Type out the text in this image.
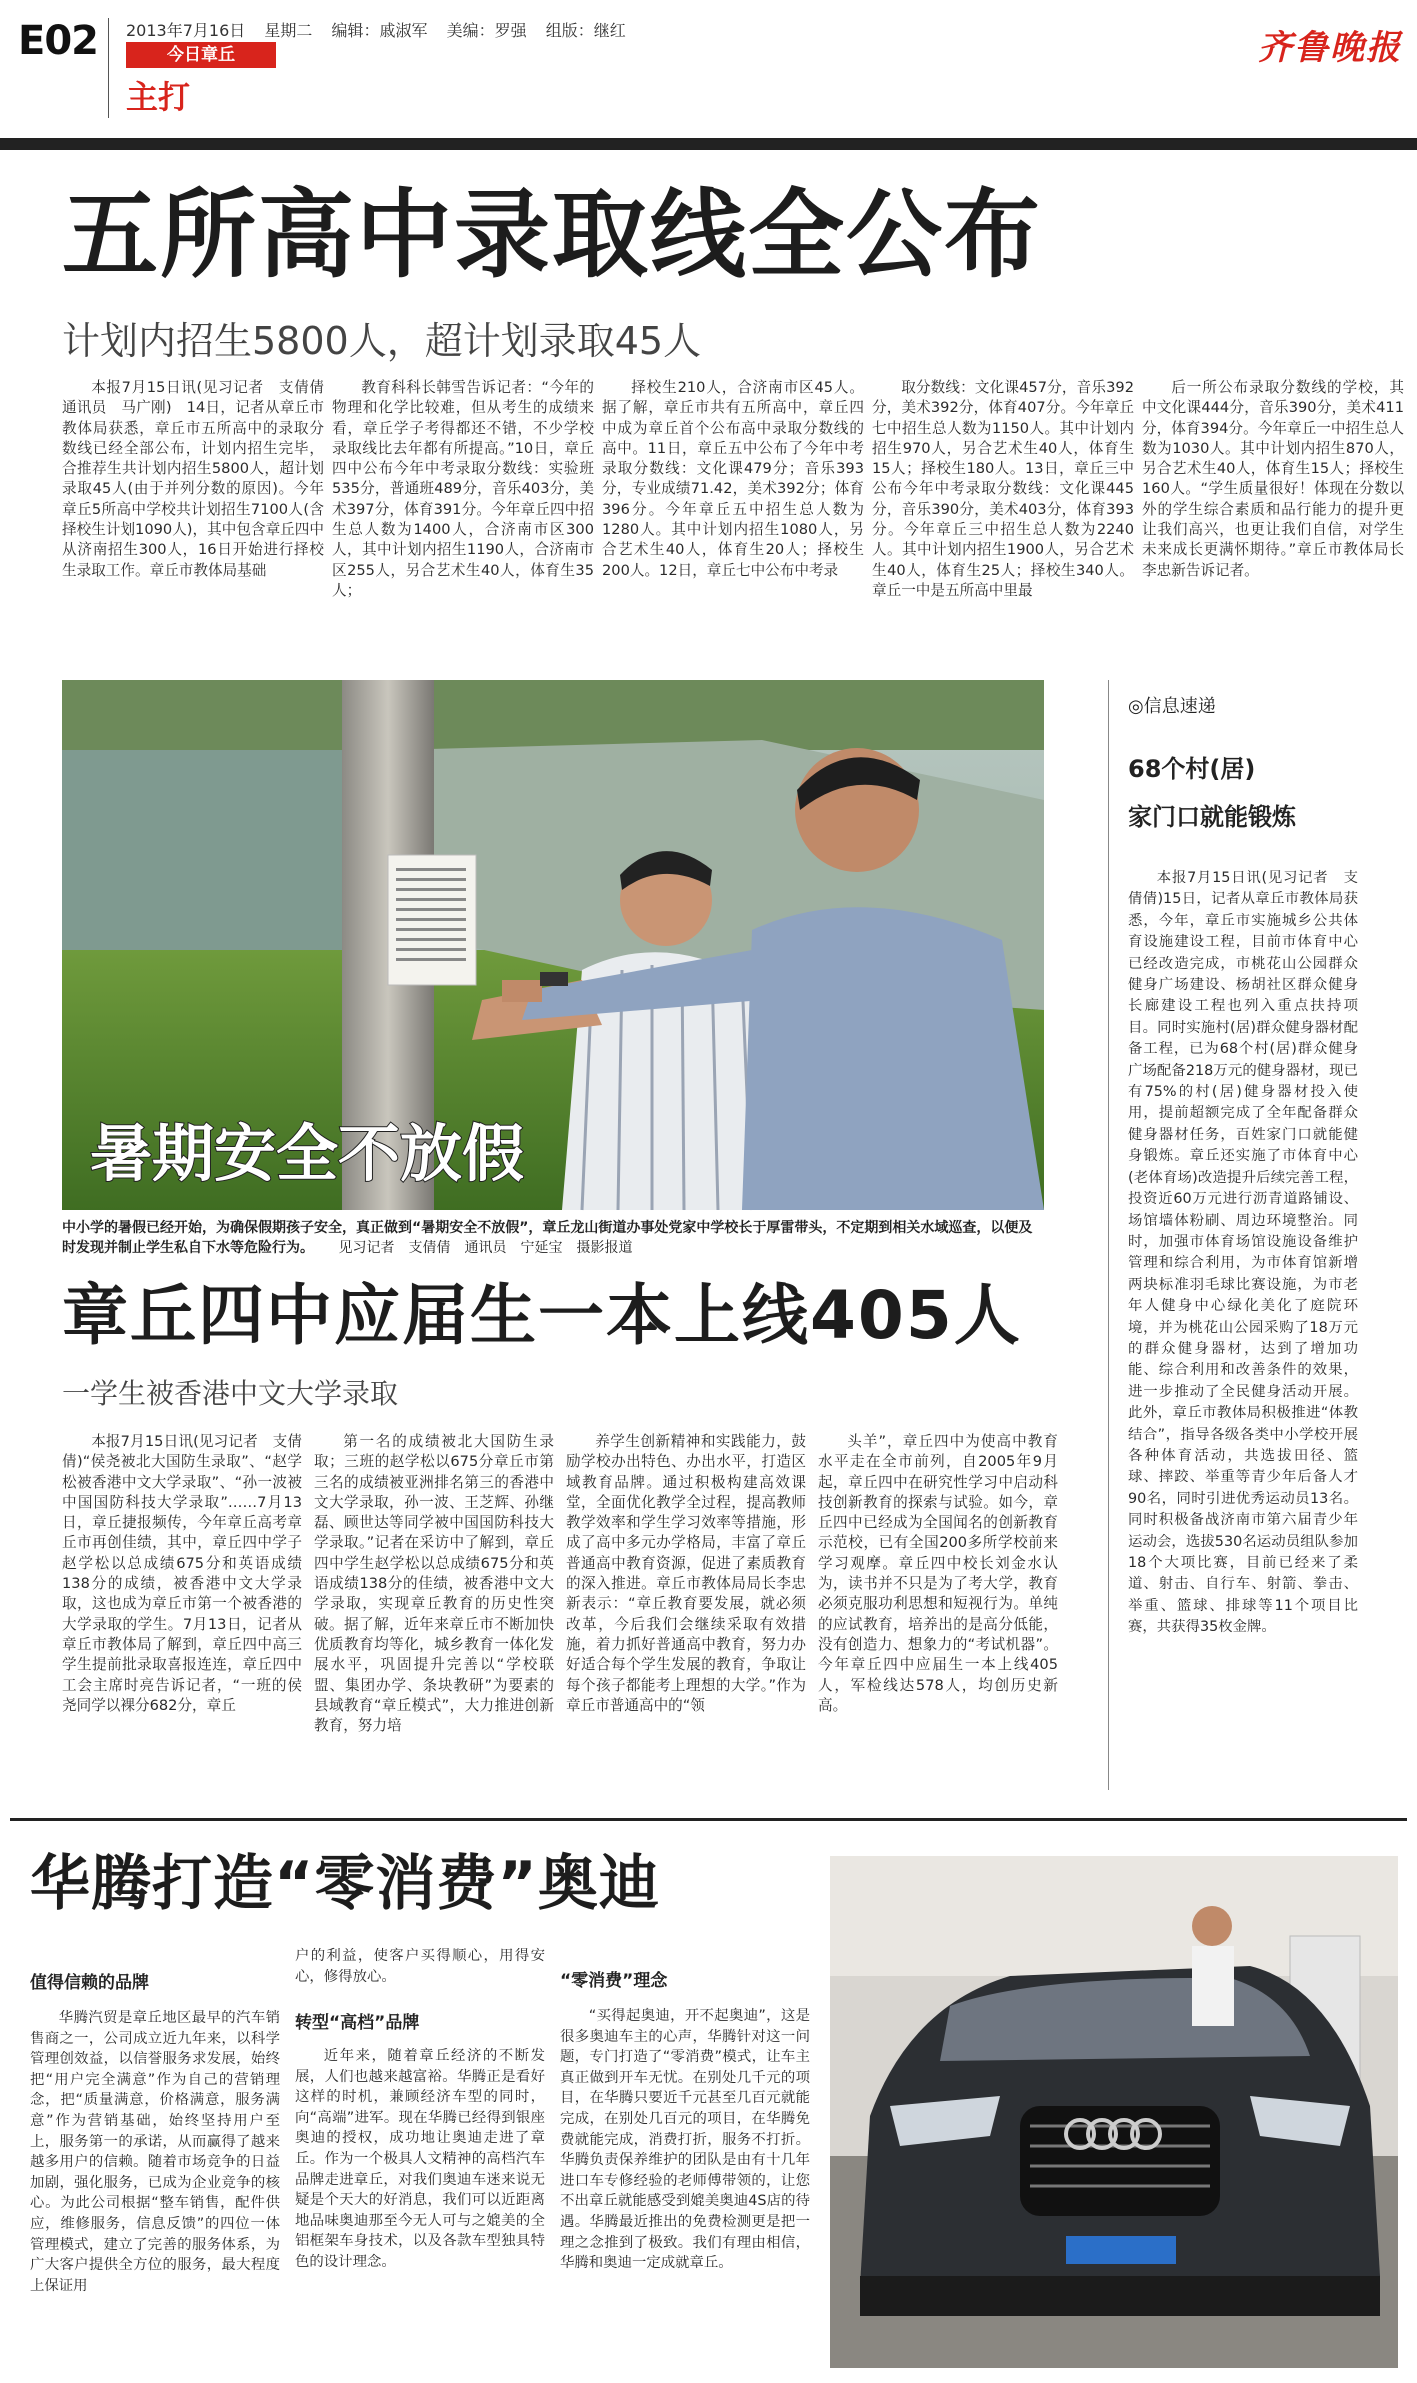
E02 2013年7月16日 星期二 编辑：戚淑军 美编：罗强 组版：继红
今日章丘
主打
齐鲁晚报
五所高中录取线全公布
计划内招生5800人，超计划录取45人

本报7月15日讯(见习记者　支倩倩　通讯员　马广刚)　14日，记者从章丘市教体局获悉，章丘市五所高中的录取分数线已经全部公布，计划内招生完毕，合推荐生共计划内招生5800人，超计划录取45人(由于并列分数的原因)。今年章丘5所高中学校共计划招生7100人(含择校生计划1090人)，其中包含章丘四中从济南招生300人，16日开始进行择校生录取工作。章丘市教体局基础

教育科科长韩雪告诉记者：“今年的物理和化学比较难，但从考生的成绩来看，章丘学子考得都还不错，不少学校录取线比去年都有所提高。”10日，章丘四中公布今年中考录取分数线：实验班535分，普通班489分，音乐403分，美术397分，体育391分。今年章丘四中招生总人数为1400人，合济南市区300人，其中计划内招生1190人，合济南市区255人，另合艺术生40人，体育生35人；

择校生210人，合济南市区45人。据了解，章丘市共有五所高中，章丘四中成为章丘首个公布高中录取分数线的高中。11日，章丘五中公布了今年中考录取分数线：文化课479分；音乐393分，专业成绩71.42，美术392分；体育396分。今年章丘五中招生总人数为1280人。其中计划内招生1080人，另合艺术生40人，体育生20人；择校生200人。12日，章丘七中公布中考录

取分数线：文化课457分，音乐392分，美术392分，体育407分。今年章丘七中招生总人数为1150人。其中计划内招生970人，另合艺术生40人，体育生15人；择校生180人。13日，章丘三中公布今年中考录取分数线：文化课445分，音乐390分，美术403分，体育393分。今年章丘三中招生总人数为2240人。其中计划内招生1900人，另合艺术生40人，体育生25人；择校生340人。章丘一中是五所高中里最

后一所公布录取分数线的学校，其中文化课444分，音乐390分，美术411分，体育394分。今年章丘一中招生总人数为1030人。其中计划内招生870人，另合艺术生40人，体育生15人；择校生160人。“学生质量很好！体现在分数以外的学生综合素质和品行能力的提升更让我们高兴，也更让我们自信，对学生未来成长更满怀期待。”章丘市教体局长李忠新告诉记者。

暑期安全不放假
中小学的暑假已经开始，为确保假期孩子安全，真正做到“暑期安全不放假”，章丘龙山街道办事处党家中学校长于厚雷带头，不定期到相关水域巡查，以便及时发现并制止学生私自下水等危险行为。 见习记者　支倩倩　通讯员　宁延宝　摄影报道
◎信息速递
68个村(居)
家门口就能锻炼

本报7月15日讯(见习记者　支倩倩)15日，记者从章丘市教体局获悉，今年，章丘市实施城乡公共体育设施建设工程，目前市体育中心已经改造完成，市桃花山公园群众健身广场建设、杨胡社区群众健身长廊建设工程也列入重点扶持项目。同时实施村(居)群众健身器材配备工程，已为68个村(居)群众健身广场配备218万元的健身器材，现已有75%的村(居)健身器材投入使用，提前超额完成了全年配备群众健身器材任务，百姓家门口就能健身锻炼。章丘还实施了市体育中心(老体育场)改造提升后续完善工程，投资近60万元进行沥青道路铺设、场馆墙体粉刷、周边环境整治。同时，加强市体育场馆设施设备维护管理和综合利用，为市体育馆新增两块标准羽毛球比赛设施，为市老年人健身中心绿化美化了庭院环境，并为桃花山公园采购了18万元的群众健身器材，达到了增加功能、综合利用和改善条件的效果，进一步推动了全民健身活动开展。此外，章丘市教体局积极推进“体教结合”，指导各级各类中小学校开展各种体育活动，共选拔田径、篮球、摔跤、举重等青少年后备人才90名，同时引进优秀运动员13名。同时积极备战济南市第六届青少年运动会，选拔530名运动员组队参加18个大项比赛，目前已经来了柔道、射击、自行车、射箭、拳击、举重、篮球、排球等11个项目比赛，共获得35枚金牌。

章丘四中应届生一本上线405人
一学生被香港中文大学录取

本报7月15日讯(见习记者　支倩倩)“侯尧被北大国防生录取”、“赵学松被香港中文大学录取”、“孙一波被中国国防科技大学录取”……7月13日，章丘捷报频传，今年章丘高考章丘市再创佳绩，其中，章丘四中学子赵学松以总成绩675分和英语成绩138分的成绩，被香港中文大学录取，这也成为章丘市第一个被香港的大学录取的学生。7月13日，记者从章丘市教体局了解到，章丘四中高三学生提前批录取喜报连连，章丘四中工会主席时亮告诉记者，“一班的侯尧同学以裸分682分，章丘

第一名的成绩被北大国防生录取；三班的赵学松以675分章丘市第三名的成绩被亚洲排名第三的香港中文大学录取，孙一波、王芝辉、孙继磊、顾世达等同学被中国国防科技大学录取。”记者在采访中了解到，章丘四中学生赵学松以总成绩675分和英语成绩138分的佳绩，被香港中文大学录取，实现章丘教育的历史性突破。据了解，近年来章丘市不断加快优质教育均等化，城乡教育一体化发展水平，巩固提升完善以“学校联盟、集团办学、条块教研”为要素的县域教育“章丘模式”，大力推进创新教育，努力培

养学生创新精神和实践能力，鼓励学校办出特色、办出水平，打造区域教育品牌。通过积极构建高效课堂，全面优化教学全过程，提高教师教学效率和学生学习效率等措施，形成了高中多元办学格局，丰富了章丘普通高中教育资源，促进了素质教育的深入推进。章丘市教体局局长李忠新表示：“章丘教育要发展，就必须改革，今后我们会继续采取有效措施，着力抓好普通高中教育，努力办好适合每个学生发展的教育，争取让每个孩子都能考上理想的大学。”作为章丘市普通高中的“领

头羊”，章丘四中为使高中教育水平走在全市前列，自2005年9月起，章丘四中在研究性学习中启动科技创新教育的探索与试验。如今，章丘四中已经成为全国闻名的创新教育示范校，已有全国200多所学校前来学习观摩。章丘四中校长刘金水认为，读书并不只是为了考大学，教育必须克服功利思想和短视行为。单纯的应试教育，培养出的是高分低能，没有创造力、想象力的“考试机器”。今年章丘四中应届生一本上线405人，军检线达578人，均创历史新高。

华腾打造“零消费”奥迪
值得信赖的品牌

华腾汽贸是章丘地区最早的汽车销售商之一，公司成立近九年来，以科学管理创效益，以信誉服务求发展，始终把“用户完全满意”作为自己的营销理念，把“质量满意，价格满意，服务满意”作为营销基础，始终坚持用户至上，服务第一的承诺，从而赢得了越来越多用户的信赖。随着市场竞争的日益加剧，强化服务，已成为企业竞争的核心。为此公司根据“整车销售，配件供应，维修服务，信息反馈”的四位一体管理模式，建立了完善的服务体系，为广大客户提供全方位的服务，最大程度上保证用

户的利益，使客户买得顺心，用得安心，修得放心。
转型“高档”品牌

近年来，随着章丘经济的不断发展，人们也越来越富裕。华腾正是看好这样的时机，兼顾经济车型的同时，向“高端”进军。现在华腾已经得到银座奥迪的授权，成功地让奥迪走进了章丘。作为一个极具人文精神的高档汽车品牌走进章丘，对我们奥迪车迷来说无疑是个天大的好消息，我们可以近距离地品味奥迪那至今无人可与之媲美的全铝框架车身技术，以及各款车型独具特色的设计理念。

“零消费”理念

“买得起奥迪，开不起奥迪”，这是很多奥迪车主的心声，华腾针对这一问题，专门打造了“零消费”模式，让车主真正做到开车无忧。在别处几千元的项目，在华腾只要近千元甚至几百元就能完成，在别处几百元的项目，在华腾免费就能完成，消费打折，服务不打折。华腾负责保养维护的团队是由有十几年进口车专修经验的老师傅带领的，让您不出章丘就能感受到媲美奥迪4S店的待遇。华腾最近推出的免费检测更是把一理之念推到了极致。我们有理由相信，华腾和奥迪一定成就章丘。
